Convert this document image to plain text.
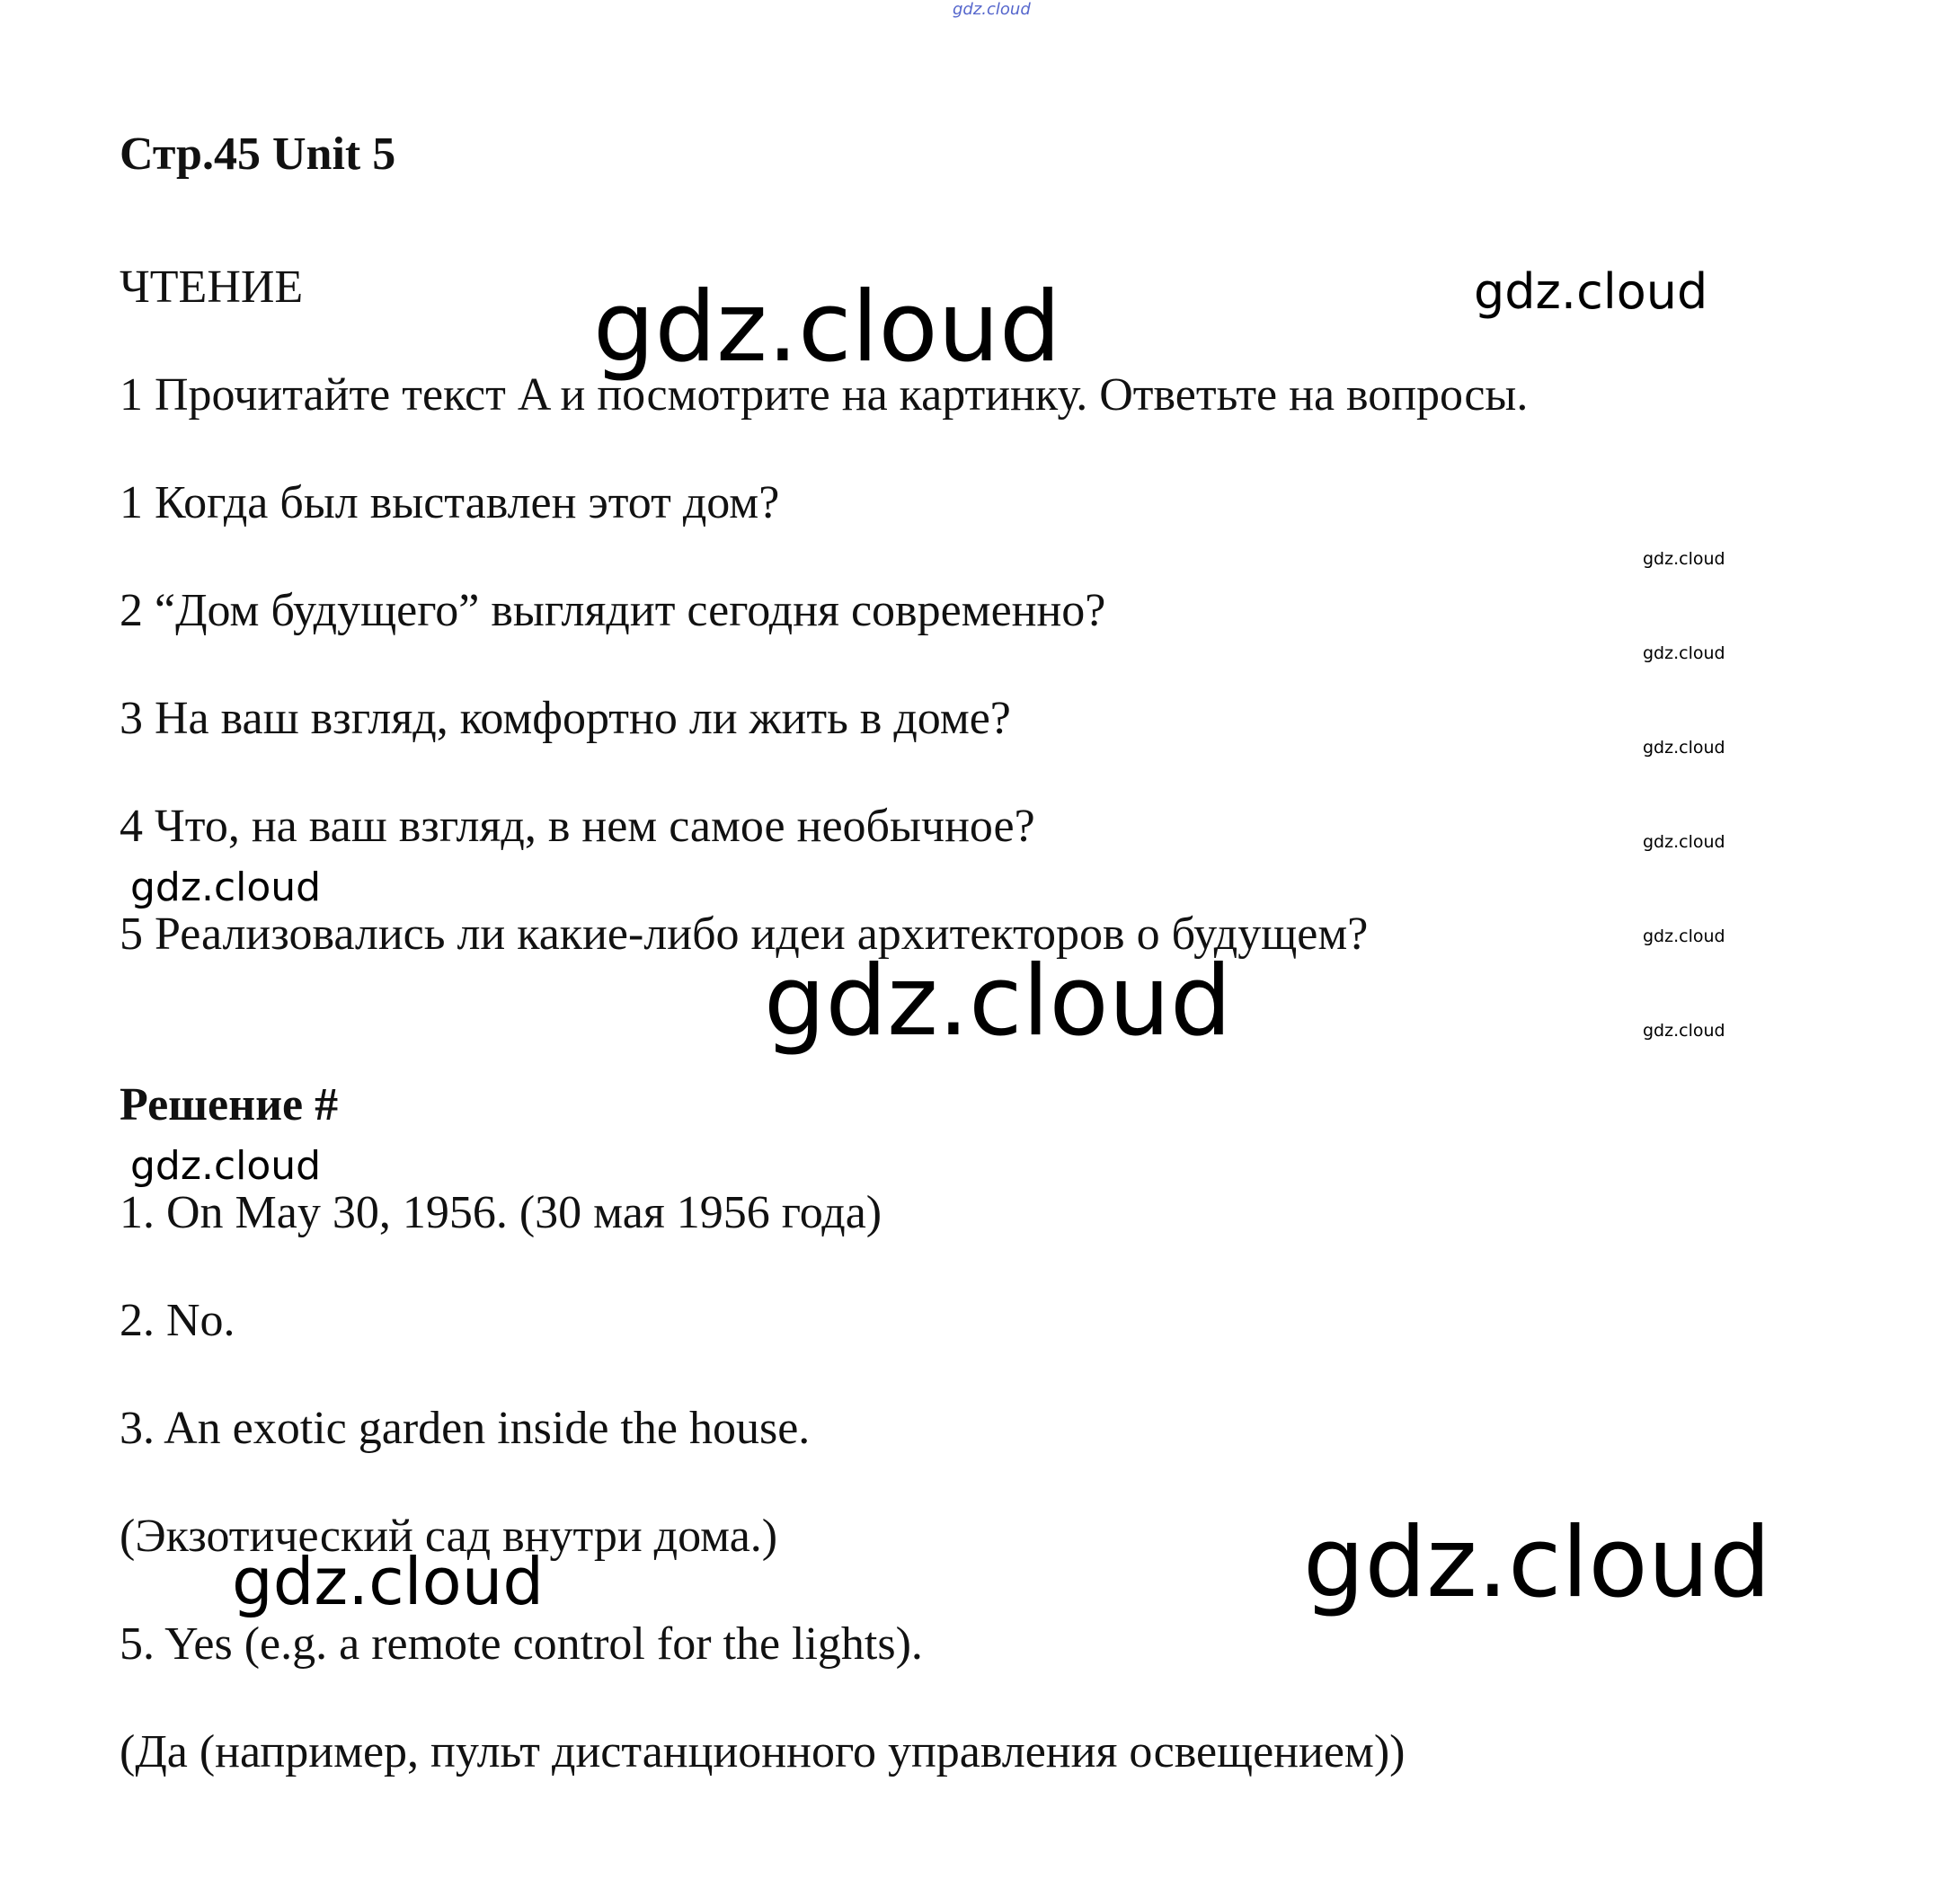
gdz.cloud
Стр.45 Unit 5
ЧТЕНИЕ
1 Прочитайте текст A и посмотрите на картинку. Ответьте на вопросы.
1 Когда был выставлен этот дом?
2 “Дом будущего” выглядит сегодня современно?
3 На ваш взгляд, комфортно ли жить в доме?
4 Что, на ваш взгляд, в нем самое необычное?
5 Реализовались ли какие-либо идеи архитекторов о будущем?
Решение #
1. On May 30, 1956. (30 мая 1956 года)
2. No.
3. An exotic garden inside the house.
(Экзотический сад внутри дома.)
5. Yes (e.g. a remote control for the lights).
(Да (например, пульт дистанционного управления освещением))
gdz.cloud	gdz.cloud
gdz.cloud
gdz.cloud
gdz.cloud
gdz.cloud
gdz.cloud
gdz.cloud
gdz.cloud
gdz.cloud
gdz.cloud
gdz.cloud	gdz.cloud
